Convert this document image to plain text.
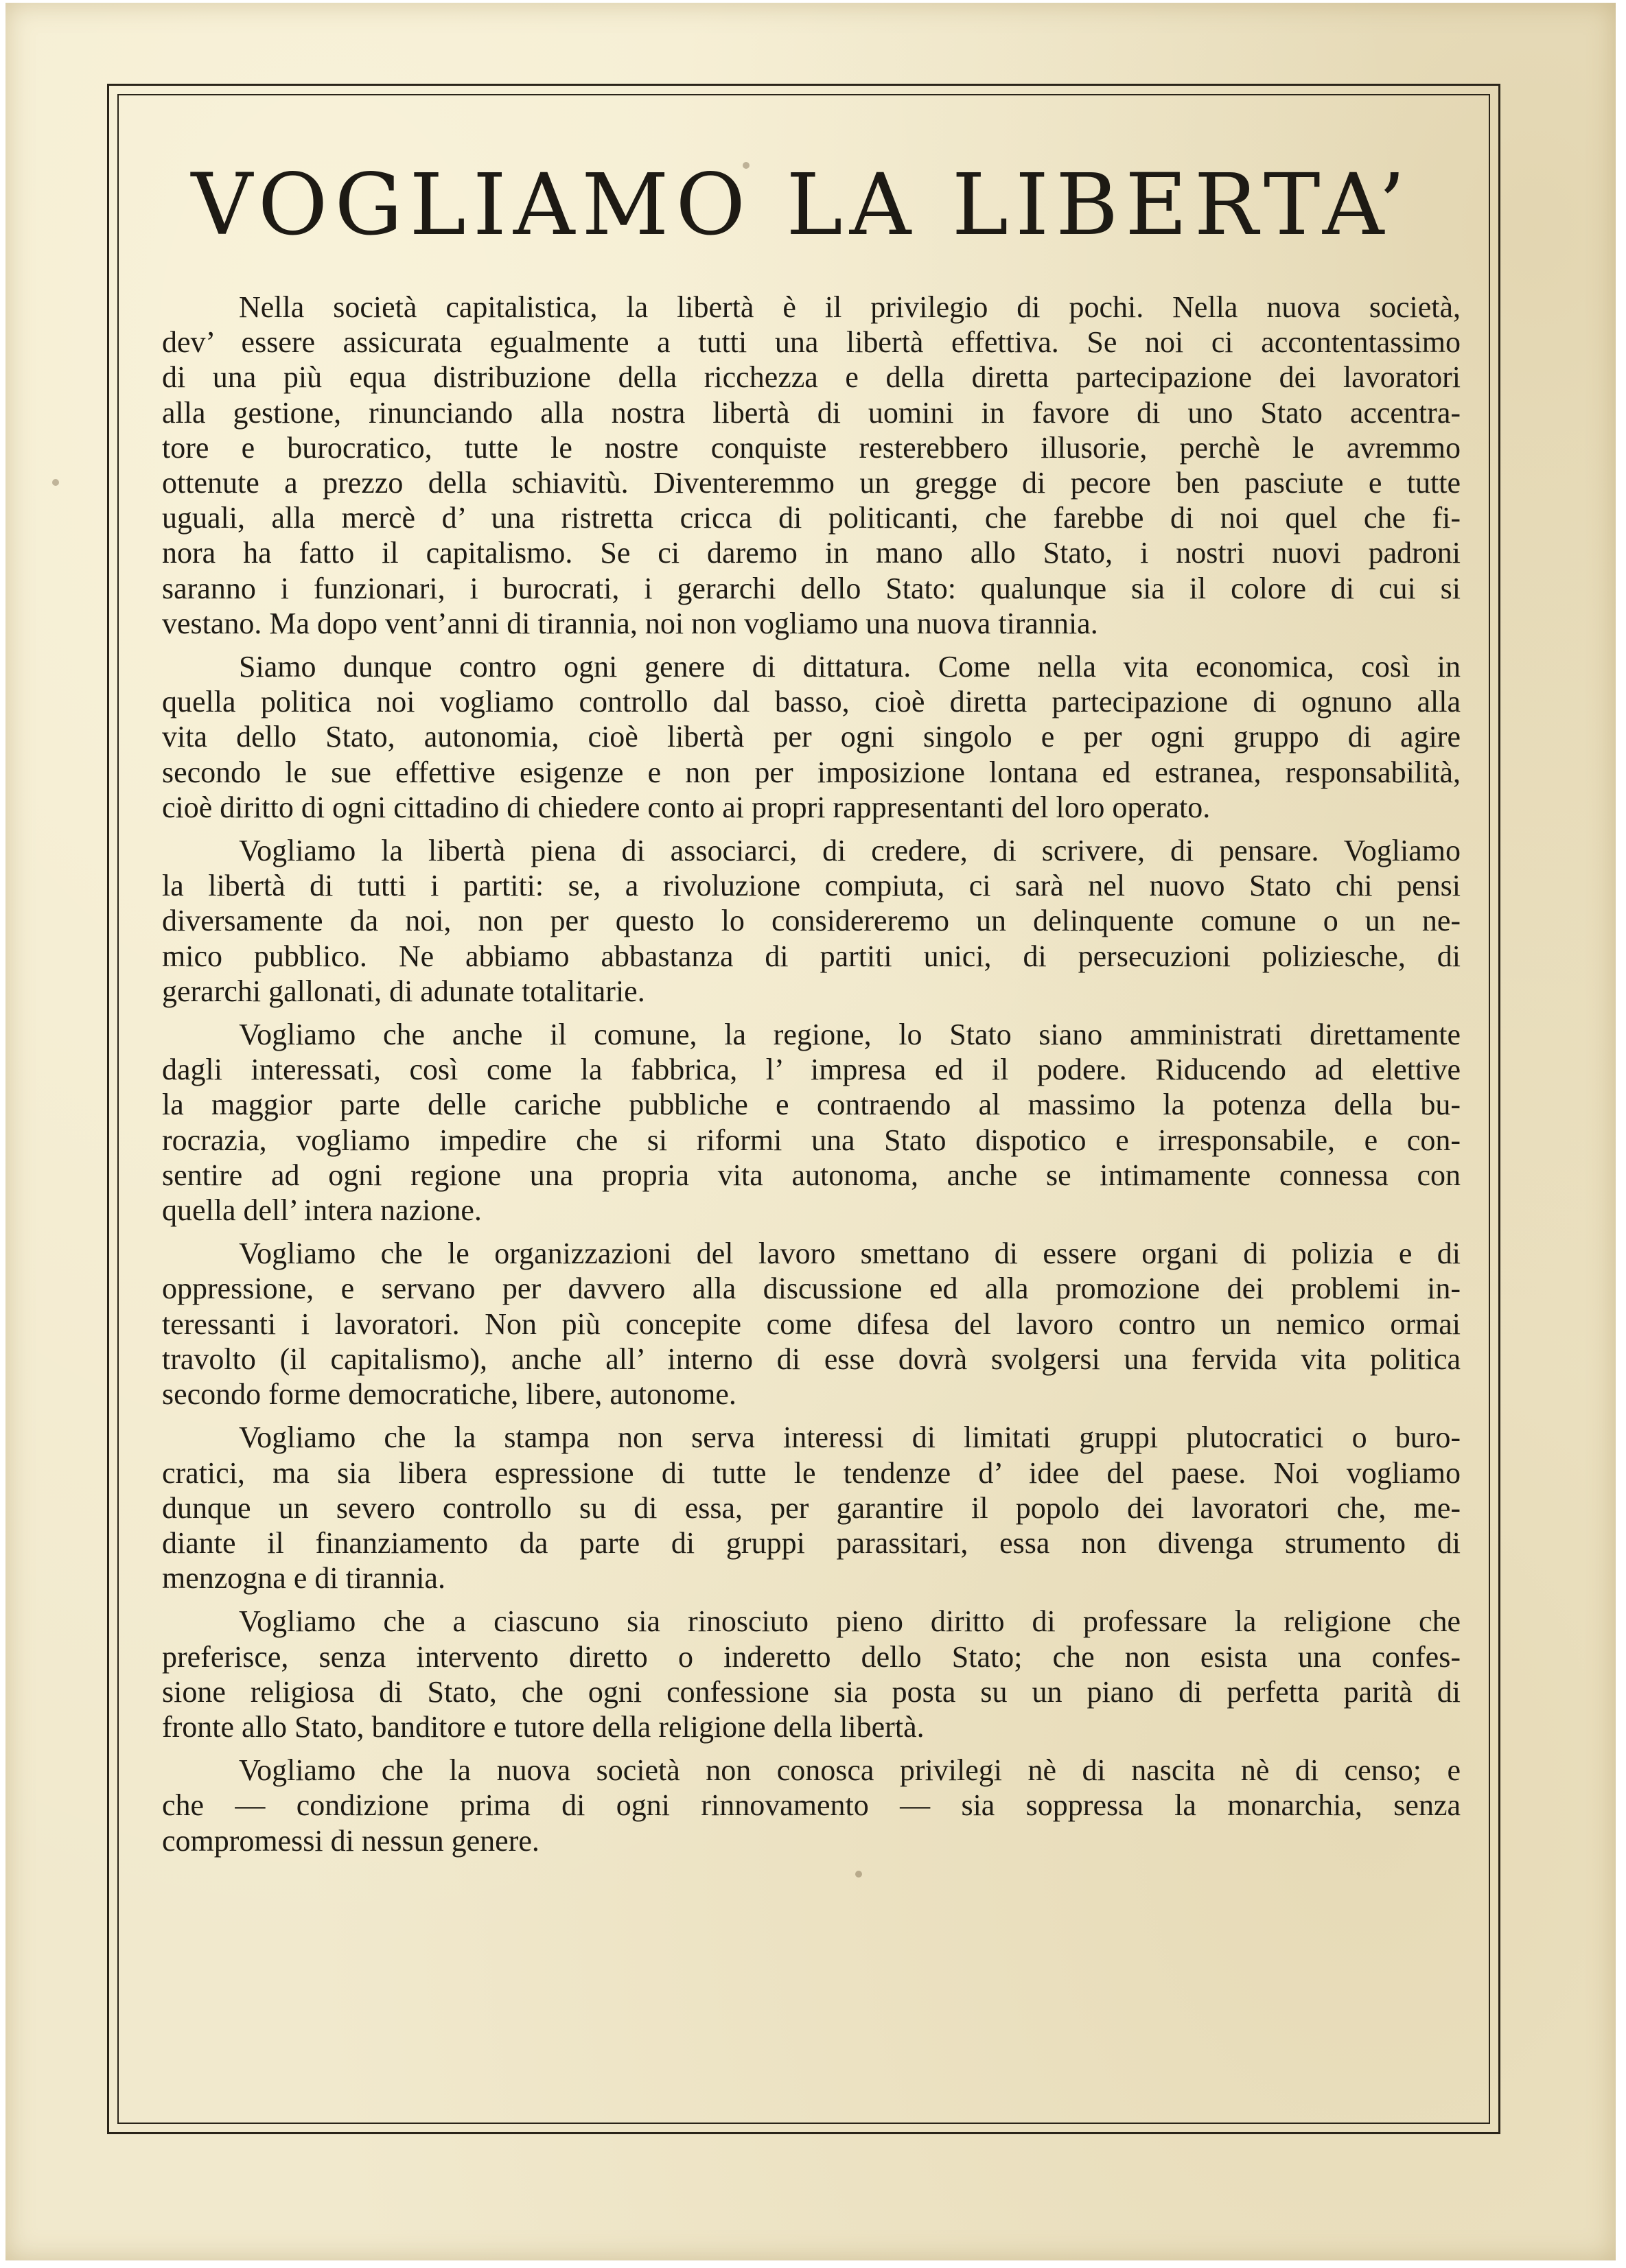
VOGLIAMO LA LIBERTA’
Nella società capitalistica, la libertà è il privilegio di pochi. Nella nuova società,
dev’ essere assicurata egualmente a tutti una libertà effettiva. Se noi ci accontentassimo
di una più equa distribuzione della ricchezza e della diretta partecipazione dei lavoratori
alla gestione, rinunciando alla nostra libertà di uomini in favore di uno Stato accentra-
tore e burocratico, tutte le nostre conquiste resterebbero illusorie, perchè le avremmo
ottenute a prezzo della schiavitù. Diventeremmo un gregge di pecore ben pasciute e tutte
uguali, alla mercè d’ una ristretta cricca di politicanti, che farebbe di noi quel che fi-
nora ha fatto il capitalismo. Se ci daremo in mano allo Stato, i nostri nuovi padroni
saranno i funzionari, i burocrati, i gerarchi dello Stato: qualunque sia il colore di cui si
vestano. Ma dopo vent’anni di tirannia, noi non vogliamo una nuova tirannia.
Siamo dunque contro ogni genere di dittatura. Come nella vita economica, così in
quella politica noi vogliamo controllo dal basso, cioè diretta partecipazione di ognuno alla
vita dello Stato, autonomia, cioè libertà per ogni singolo e per ogni gruppo di agire
secondo le sue effettive esigenze e non per imposizione lontana ed estranea, responsabilità,
cioè diritto di ogni cittadino di chiedere conto ai propri rappresentanti del loro operato.
Vogliamo la libertà piena di associarci, di credere, di scrivere, di pensare. Vogliamo
la libertà di tutti i partiti: se, a rivoluzione compiuta, ci sarà nel nuovo Stato chi pensi
diversamente da noi, non per questo lo considereremo un delinquente comune o un ne-
mico pubblico. Ne abbiamo abbastanza di partiti unici, di persecuzioni poliziesche, di
gerarchi gallonati, di adunate totalitarie.
Vogliamo che anche il comune, la regione, lo Stato siano amministrati direttamente
dagli interessati, così come la fabbrica, l’ impresa ed il podere. Riducendo ad elettive
la maggior parte delle cariche pubbliche e contraendo al massimo la potenza della bu-
rocrazia, vogliamo impedire che si riformi una Stato dispotico e irresponsabile, e con-
sentire ad ogni regione una propria vita autonoma, anche se intimamente connessa con
quella dell’ intera nazione.
Vogliamo che le organizzazioni del lavoro smettano di essere organi di polizia e di
oppressione, e servano per davvero alla discussione ed alla promozione dei problemi in-
teressanti i lavoratori. Non più concepite come difesa del lavoro contro un nemico ormai
travolto (il capitalismo), anche all’ interno di esse dovrà svolgersi una fervida vita politica
secondo forme democratiche, libere, autonome.
Vogliamo che la stampa non serva interessi di limitati gruppi plutocratici o buro-
cratici, ma sia libera espressione di tutte le tendenze d’ idee del paese. Noi vogliamo
dunque un severo controllo su di essa, per garantire il popolo dei lavoratori che, me-
diante il finanziamento da parte di gruppi parassitari, essa non divenga strumento di
menzogna e di tirannia.
Vogliamo che a ciascuno sia rinosciuto pieno diritto di professare la religione che
preferisce, senza intervento diretto o inderetto dello Stato; che non esista una confes-
sione religiosa di Stato, che ogni confessione sia posta su un piano di perfetta parità di
fronte allo Stato, banditore e tutore della religione della libertà.
Vogliamo che la nuova società non conosca privilegi nè di nascita nè di censo; e
che — condizione prima di ogni rinnovamento — sia soppressa la monarchia, senza
compromessi di nessun genere.
